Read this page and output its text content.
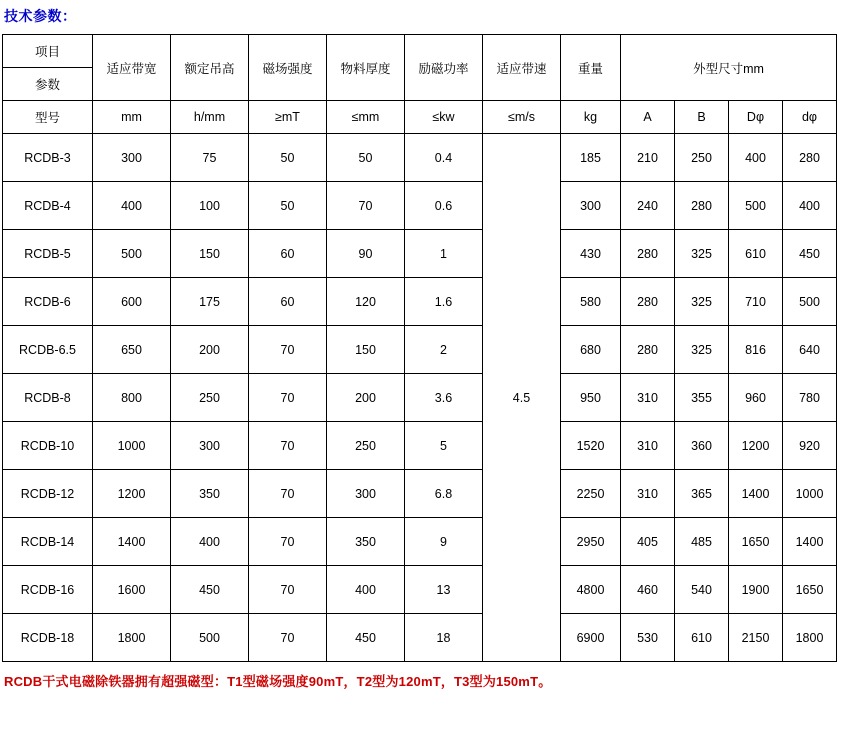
技术参数：
项目	适应带宽	额定吊高	磁场强度	物料厚度	励磁功率	适应带速	重量	外型尺寸mm			
参数											
型号	mm	h/mm	≥mT	≤mm	≤kw	≤m/s	kg	A	B	Dφ	dφ
RCDB-3	300	75	50	50	0.4	4.5	185	210	250	400	280
RCDB-4	400	100	50	70	0.6		300	240	280	500	400
RCDB-5	500	150	60	90	1		430	280	325	610	450
RCDB-6	600	175	60	120	1.6		580	280	325	710	500
RCDB-6.5	650	200	70	150	2		680	280	325	816	640
RCDB-8	800	250	70	200	3.6		950	310	355	960	780
RCDB-10	1000	300	70	250	5		1520	310	360	1200	920
RCDB-12	1200	350	70	300	6.8		2250	310	365	1400	1000
RCDB-14	1400	400	70	350	9		2950	405	485	1650	1400
RCDB-16	1600	450	70	400	13		4800	460	540	1900	1650
RCDB-18	1800	500	70	450	18		6900	530	610	2150	1800
RCDB干式电磁除铁器拥有超强磁型：T1型磁场强度90mT，T2型为120mT，T3型为150mT。
